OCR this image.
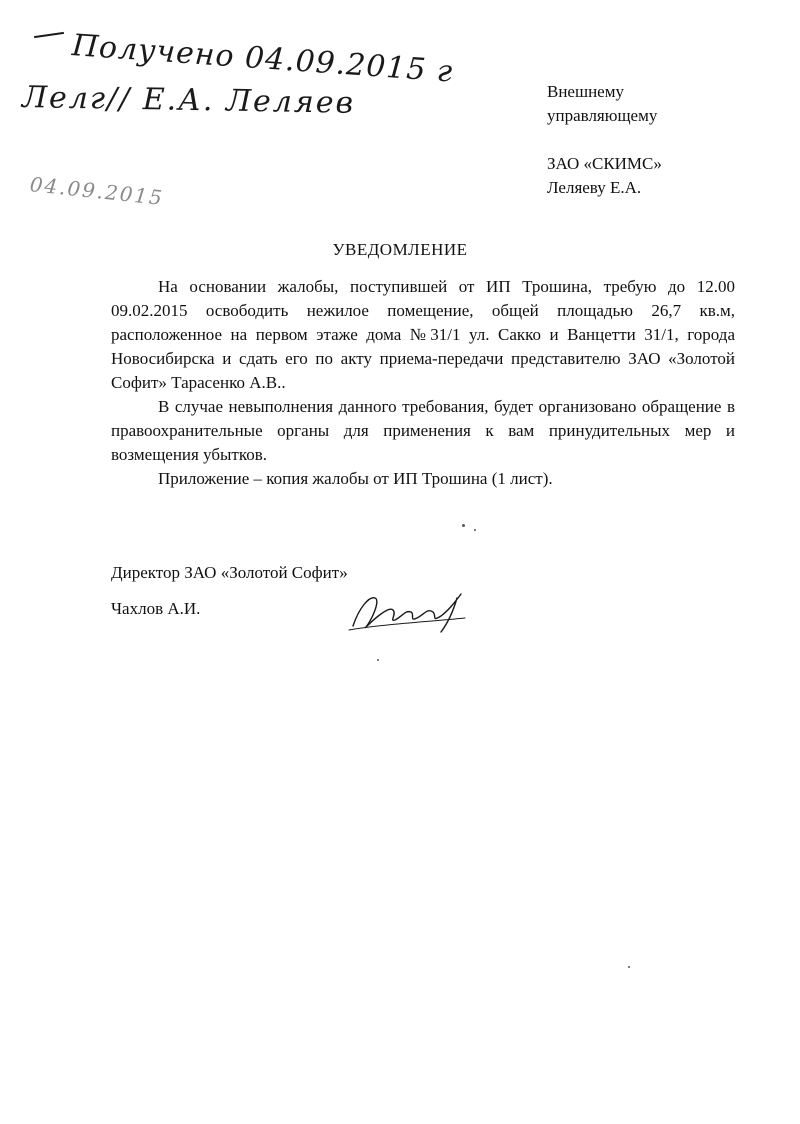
Получено 04.09.2015 г
Лелг// Е.А. Леляев
04.09.2015
Внешнему
управляющему
ЗАО «СКИМС»
Леляеву Е.А.
УВЕДОМЛЕНИЕ

На основании жалобы, поступившей от ИП Трошина, требую до 12.00 09.02.2015 освободить нежилое помещение, общей площадью 26,7 кв.м, расположенное на первом этаже дома №31/1 ул. Сакко и Ванцетти 31/1, города Новосибирска и сдать его по акту приема-передачи представителю ЗАО «Золотой Софит» Тарасенко А.В..

В случае невыполнения данного требования, будет организовано обращение в правоохранительные органы для применения к вам принудительных мер и возмещения убытков.

Приложение – копия жалобы от ИП Трошина (1 лист).

Директор ЗАО «Золотой Софит»
Чахлов А.И.
